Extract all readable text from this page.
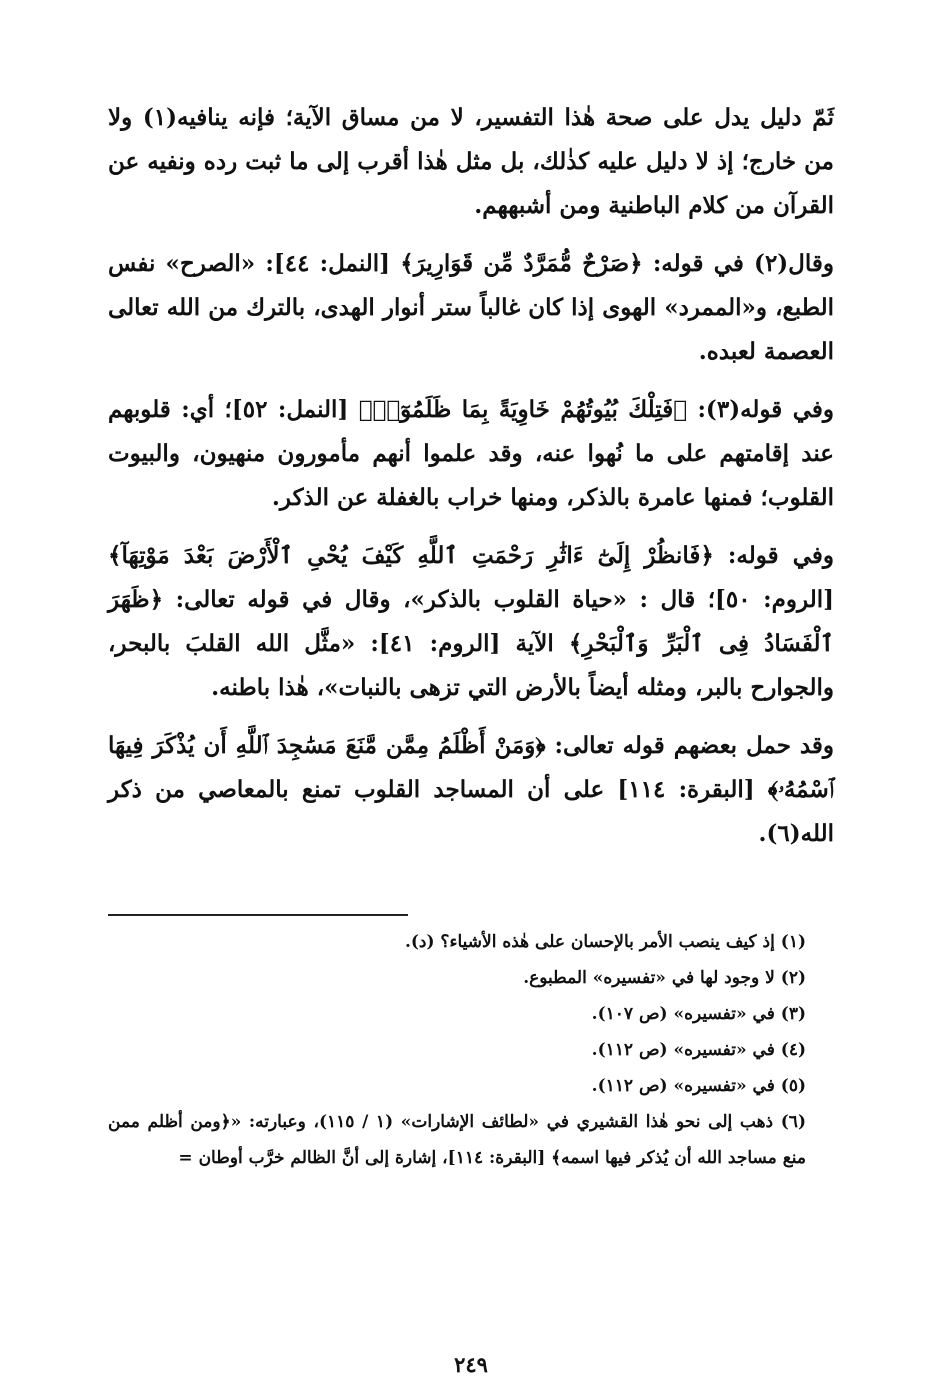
ثَمّ دليل يدل على صحة هٰذا التفسير، لا من مساق الآية؛ فإنه ينافيه(١) ولا من خارج؛ إذ لا دليل عليه كذٰلك، بل مثل هٰذا أقرب إلى ما ثبت رده ونفيه عن القرآن من كلام الباطنية ومن أشبههم.

وقال(٢) في قوله: ﴿صَرْحٌ مُّمَرَّدٌ مِّن قَوَارِيرَ﴾ [النمل: ٤٤]: «الصرح» نفس الطبع، و«الممرد» الهوى إذا كان غالباً ستر أنوار الهدى، بالترك من الله تعالى العصمة لعبده.

وفي قوله(٣): ﴿فَتِلْكَ بُيُوتُهُمْ خَاوِيَةً بِمَا ظَلَمُوٓا۟﴾ [النمل: ٥٢]؛ أي: قلوبهم عند إقامتهم على ما نُهوا عنه، وقد علموا أنهم مأمورون منهيون، والبيوت القلوب؛ فمنها عامرة بالذكر، ومنها خراب بالغفلة عن الذكر.

وفي قوله: ﴿فَانظُرْ إِلَىٰٓ ءَاثَٰرِ رَحْمَتِ ٱللَّهِ كَيْفَ يُحْىِ ٱلْأَرْضَ بَعْدَ مَوْتِهَآ﴾ [الروم: ٥٠]؛ قال : «حياة القلوب بالذكر»، وقال في قوله تعالى: ﴿ظَهَرَ ٱلْفَسَادُ فِى ٱلْبَرِّ وَٱلْبَحْرِ﴾ الآية [الروم: ٤١]: «مثَّل الله القلبَ بالبحر، والجوارح بالبر، ومثله أيضاً بالأرض التي تزهى بالنبات»، هٰذا باطنه.

وقد حمل بعضهم قوله تعالى: ﴿وَمَنْ أَظْلَمُ مِمَّن مَّنَعَ مَسَٰجِدَ ٱللَّهِ أَن يُذْكَرَ فِيهَا ٱسْمُهُۥ﴾ [البقرة: ١١٤] على أن المساجد القلوب تمنع بالمعاصي من ذكر الله(٦).

(١) إذ كيف ينصب الأمر بالإحسان على هٰذه الأشياء؟ (د).

(٢) لا وجود لها في «تفسيره» المطبوع.

(٣) في «تفسيره» (ص ١٠٧).

(٤) في «تفسيره» (ص ١١٢).

(٥) في «تفسيره» (ص ١١٢).

(٦) ذهب إلى نحو هٰذا القشيري في «لطائف الإشارات» (١ / ١١٥)، وعبارته: «﴿ومن أظلم ممن منع مساجد الله أن يُذكر فيها اسمه﴾ [البقرة: ١١٤]، إشارة إلى أنَّ الظالم خرَّب أوطان =

٢٤٩
